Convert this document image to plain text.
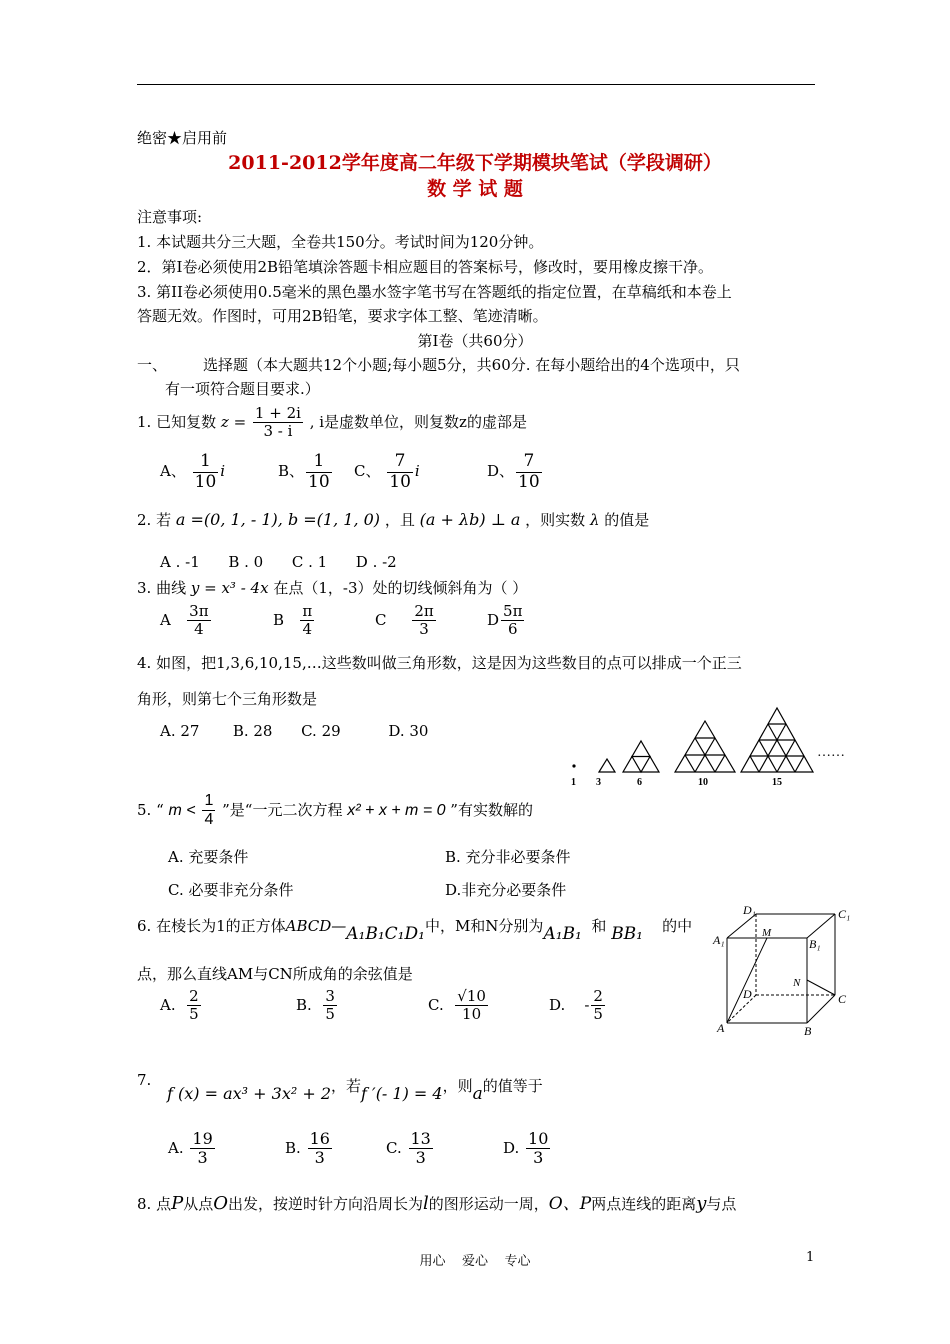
绝密★启用前
2011-2012学年度高二年级下学期模块笔试（学段调研）
数 学 试 题
注意事项:
1. 本试题共分三大题，全卷共150分。考试时间为120分钟。
2．第I卷必须使用2B铅笔填涂答题卡相应题目的答案标号，修改时，要用橡皮擦干净。
3. 第II卷必须使用0.5毫米的黑色墨水签字笔书写在答题纸的指定位置，在草稿纸和本卷上
答题无效。作图时，可用2B铅笔，要求字体工整、笔迹清晰。
第I卷（共60分）
一、 选择题（本大题共12个小题;每小题5分，共60分. 在每小题给出的4个选项中，只
有一项符合题目要求.）
1. 已知复数 $z = \frac{1 + 2i}{3 - i}$ , i是虚数单位，则复数z的虚部是
A、 $\frac{1}{10}$ i	B、 $\frac{1}{10}$ C、 $\frac{7}{10}$ i	D、 $\frac{7}{10}$
2. 若 a =(0, 1, - 1), b =(1, 1, 0) ，且 (a + λb) ⊥ a ，则实数 λ 的值是
A . -1      B . 0      C . 1      D . -2
3. 曲线 y = x³ - 4x 在点（1，-3）处的切线倾斜角为（ ）
A $\frac{3\pi}{4}$	B $\frac{\pi}{4}$	C $\frac{2\pi}{3}$	D $\frac{5\pi}{6}$
4. 如图，把1,3,6,10,15,…这些数叫做三角形数，这是因为这些数目的点可以排成一个正三
角形，则第七个三角形数是
A. 27       B. 28      C. 29          D. 30
……
1 3	6	10	15
5. “ $m < \frac{1}{4}$ ”是“一元二次方程 x² + x + m = 0 ”有实数解的
A. 充要条件	B. 充分非必要条件
C. 必要非充分条件	D.非充分必要条件
6. 在棱长为1的正方体ABCD—A₁B₁C₁D₁中，M和N分别为A₁B₁ 和 BB₁ 的中
点，那么直线AM与CN所成角的余弦值是
A. $\frac{2}{5}$	B. $\frac{3}{5}$	C. $\frac{√10}{10}$	D. - $\frac{2}{5}$
D₁	C₁
A₁	M
B₁
N
D	C
A	B
7.
f (x) = ax³ + 3x² + 2，若f ′(- 1) = 4，则a的值等于
A. $\frac{19}{3}$	B. $\frac{16}{3}$	C. $\frac{13}{3}$	D. $\frac{10}{3}$
8. 点P从点O出发，按逆时针方向沿周长为l的图形运动一周，O、P两点连线的距离y与点
用心    爱心    专心	1
